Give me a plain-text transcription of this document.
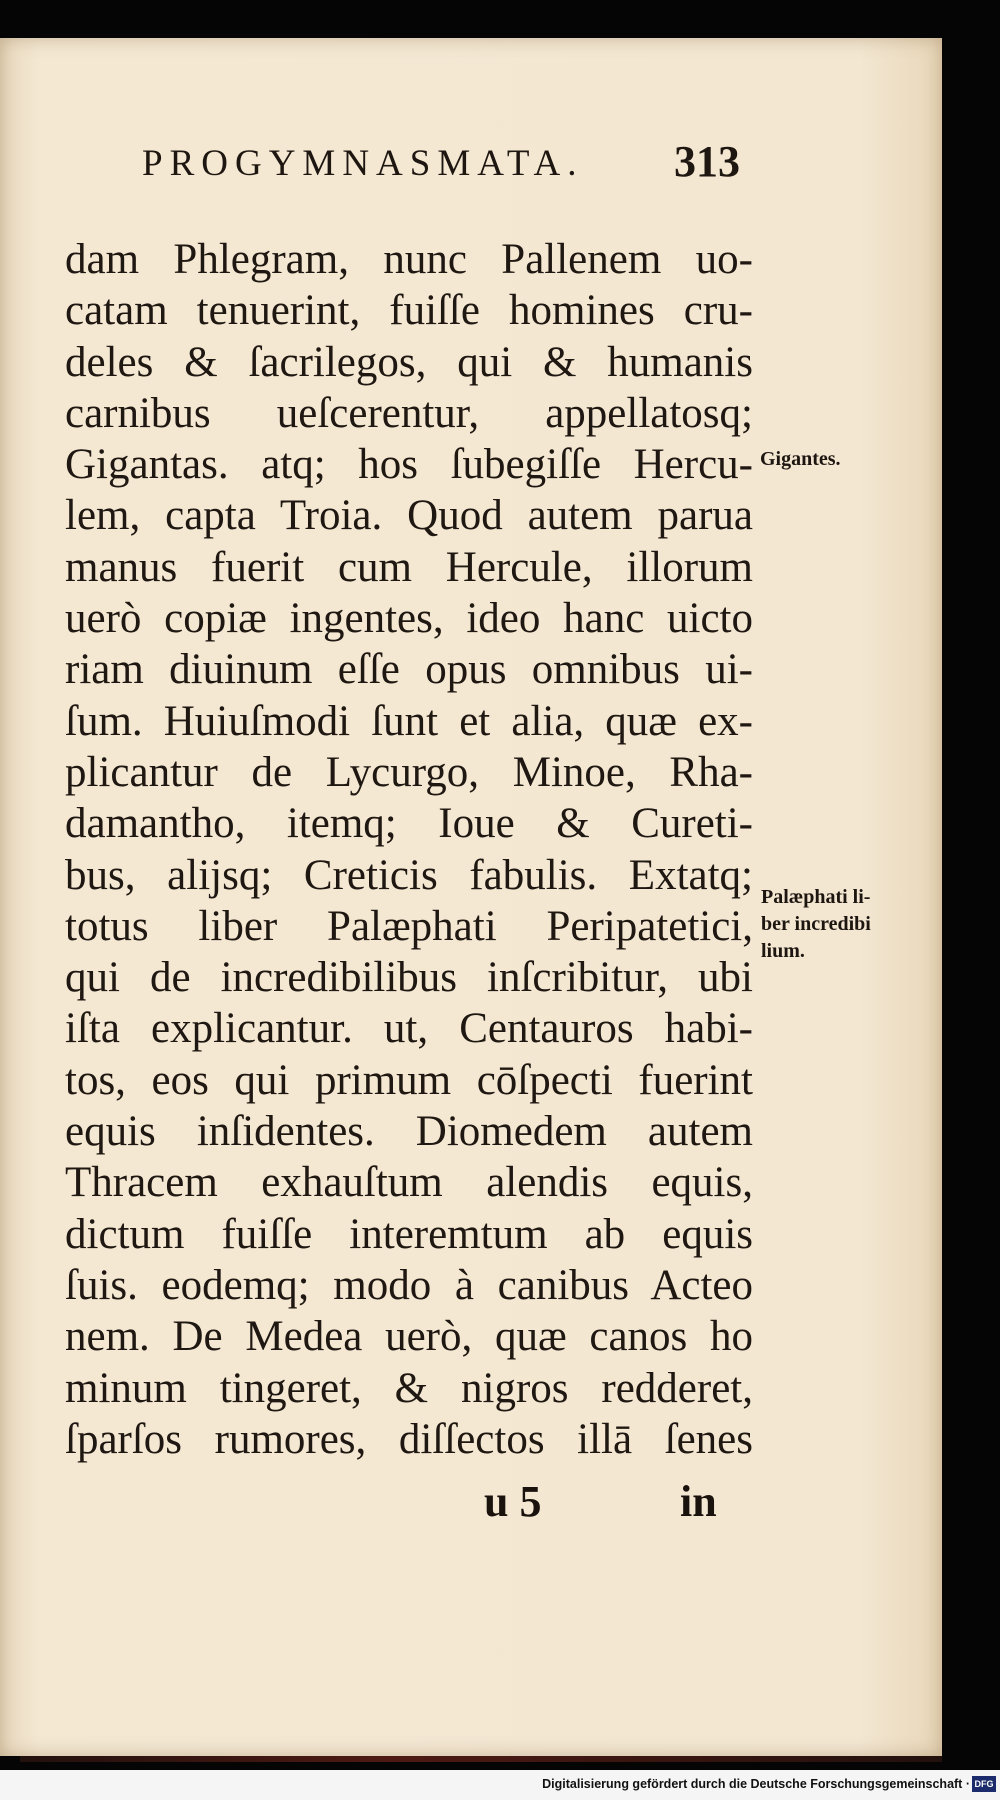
PROGYMNASMATA. 313
dam Phlegram, nunc Pallenem uo-
catam tenuerint, fuiſſe homines cru-
deles & ſacrilegos, qui & humanis
carnibus ueſcerentur, appellatosq;
Gigantas. atq; hos ſubegiſſe Hercu-
lem, capta Troia. Quod autem parua
manus fuerit cum Hercule, illorum
uerò copiæ ingentes, ideo hanc uicto
riam diuinum eſſe opus omnibus ui-
ſum. Huiuſmodi ſunt et alia, quæ ex-
plicantur de Lycurgo, Minoe, Rha-
damantho, itemq; Ioue & Cureti-
bus, alijsq; Creticis fabulis. Extatq;
totus liber Palæphati Peripatetici,
qui de incredibilibus inſcribitur, ubi
iſta explicantur. ut, Centauros habi-
tos, eos qui primum cōſpecti fuerint
equis inſidentes. Diomedem autem
Thracem exhauſtum alendis equis,
dictum fuiſſe interemtum ab equis
ſuis. eodemq; modo à canibus Acteo
nem. De Medea uerò, quæ canos ho
minum tingeret, & nigros redderet,
ſparſos rumores, diſſectos illā ſenes
Gigantes.
Palæphati li-
ber incredibi
lium.
u 5	in
Digitalisierung gefördert durch die Deutsche Forschungsgemeinschaft · DFG
